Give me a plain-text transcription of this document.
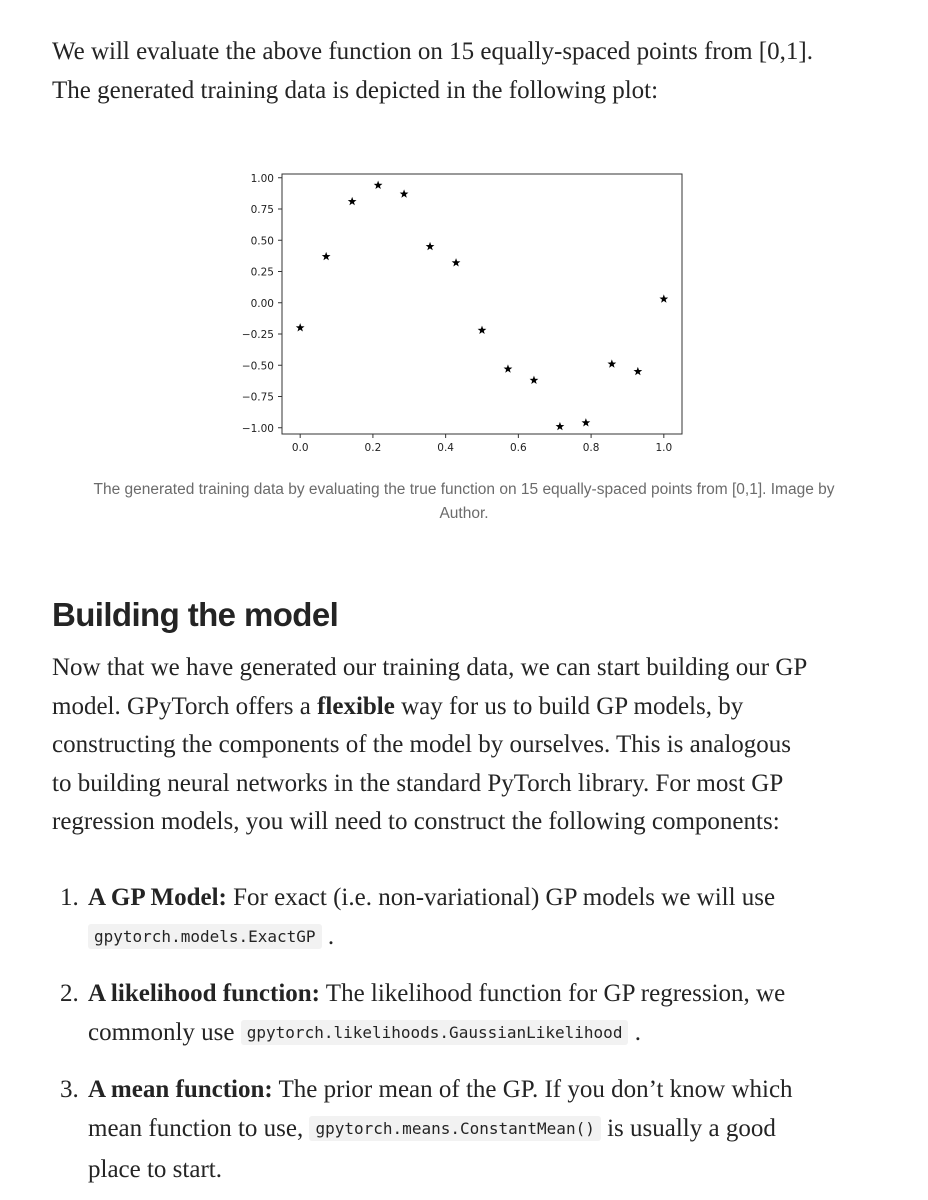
We will evaluate the above function on 15 equally-spaced points from [0,1].
The generated training data is depicted in the following plot:

1.00
0.75
0.50
0.25
0.00
−0.25
−0.50
−0.75
−1.00
0.0	0.2	0.4	0.6	0.8	1.0

The generated training data by evaluating the true function on 15 equally-spaced points from [0,1]. Image by
Author.

Building the model

Now that we have generated our training data, we can start building our GP
model. GPyTorch offers a flexible way for us to build GP models, by
constructing the components of the model by ourselves. This is analogous
to building neural networks in the standard PyTorch library. For most GP
regression models, you will need to construct the following components:

1. A GP Model: For exact (i.e. non-variational) GP models we will use
gpytorch.models.ExactGP .
2. A likelihood function: The likelihood function for GP regression, we
commonly use gpytorch.likelihoods.GaussianLikelihood .
3. A mean function: The prior mean of the GP. If you don’t know which
mean function to use, gpytorch.means.ConstantMean() is usually a good
place to start.
